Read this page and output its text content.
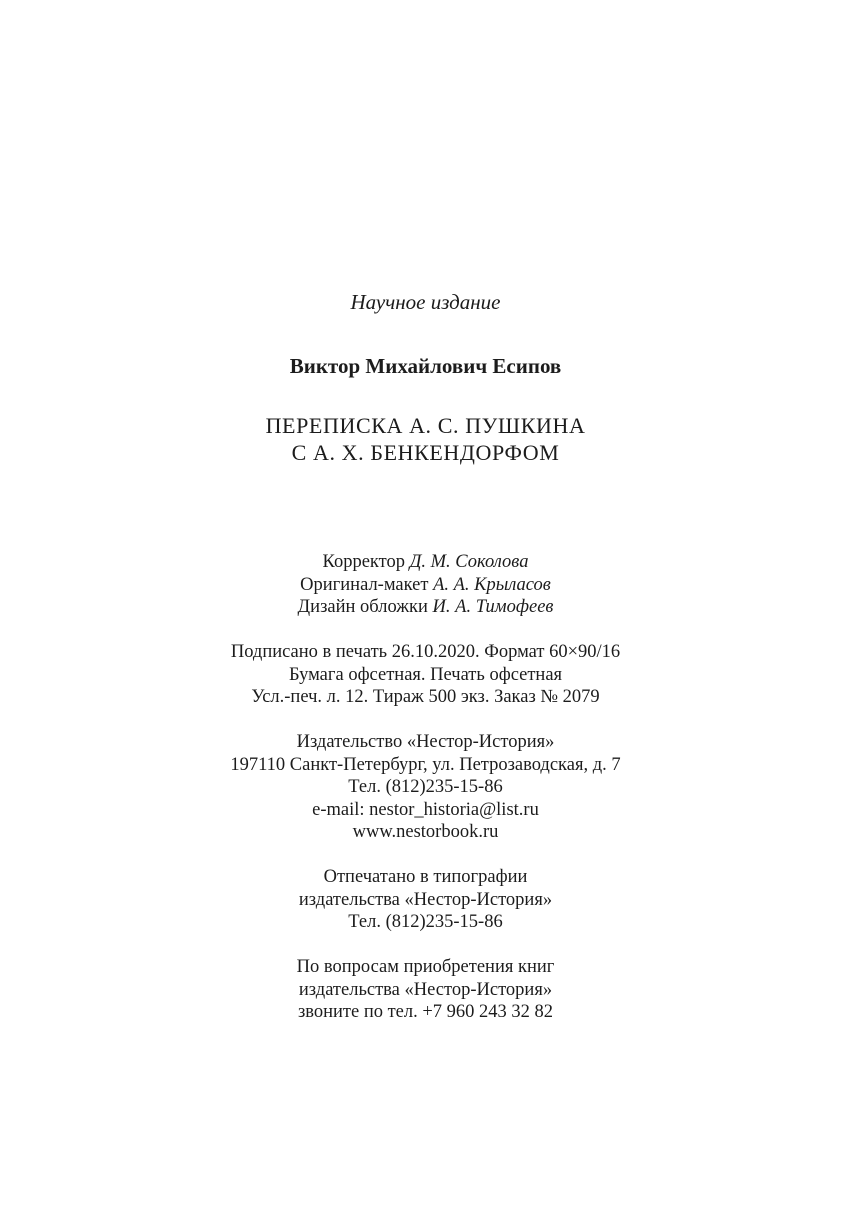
Научное издание
Виктор Михайлович Есипов
ПЕРЕПИСКА А. С. ПУШКИНА
С А. Х. БЕНКЕНДОРФОМ
Корректор Д. М. Соколова
Оригинал-макет А. А. Крыласов
Дизайн обложки И. А. Тимофеев
Подписано в печать 26.10.2020. Формат 60×90/16
Бумага офсетная. Печать офсетная
Усл.-печ. л. 12. Тираж 500 экз. Заказ № 2079
Издательство «Нестор-История»
197110 Санкт-Петербург, ул. Петрозаводская, д. 7
Тел. (812)235-15-86
e-mail: nestor_historia@list.ru
www.nestorbook.ru
Отпечатано в типографии
издательства «Нестор-История»
Тел. (812)235-15-86
По вопросам приобретения книг
издательства «Нестор-История»
звоните по тел. +7 960 243 32 82
